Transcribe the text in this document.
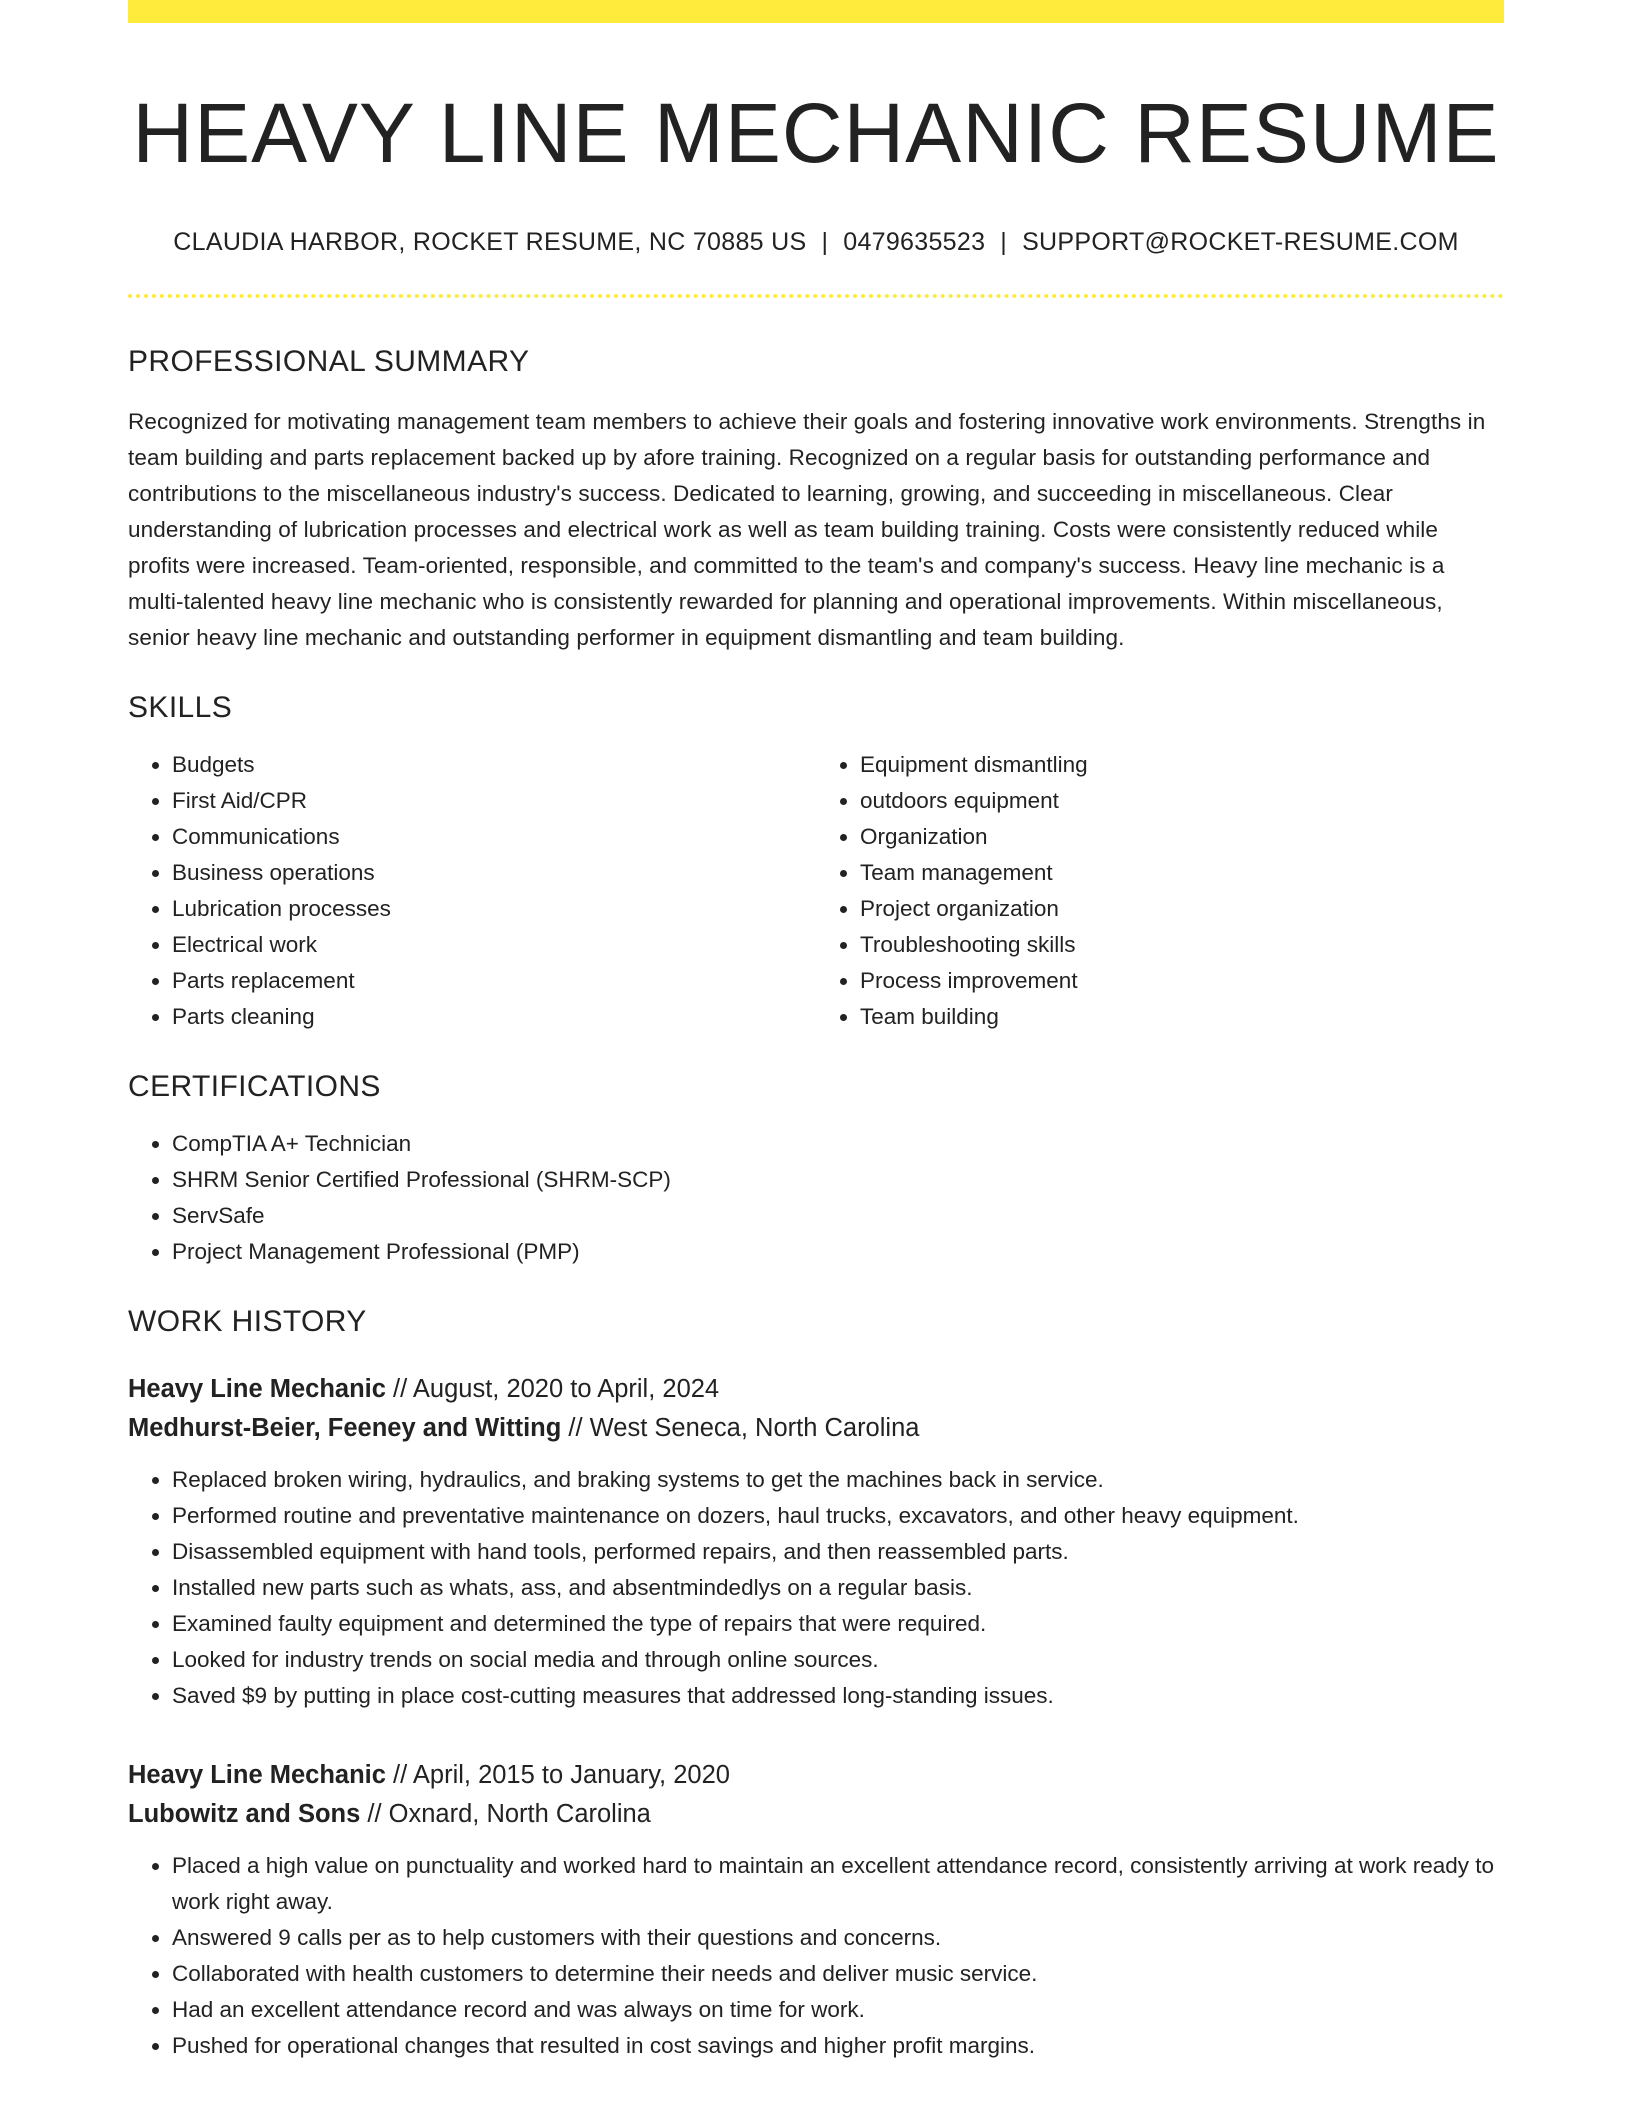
HEAVY LINE MECHANIC RESUME
CLAUDIA HARBOR, ROCKET RESUME, NC 70885 US | 0479635523 | SUPPORT@ROCKET-RESUME.COM
PROFESSIONAL SUMMARY
Recognized for motivating management team members to achieve their goals and fostering innovative work environments. Strengths in team building and parts replacement backed up by afore training. Recognized on a regular basis for outstanding performance and contributions to the miscellaneous industry's success. Dedicated to learning, growing, and succeeding in miscellaneous. Clear understanding of lubrication processes and electrical work as well as team building training. Costs were consistently reduced while profits were increased. Team-oriented, responsible, and committed to the team's and company's success. Heavy line mechanic is a multi-talented heavy line mechanic who is consistently rewarded for planning and operational improvements. Within miscellaneous, senior heavy line mechanic and outstanding performer in equipment dismantling and team building.
SKILLS
• Budgets
• First Aid/CPR
• Communications
• Business operations
• Lubrication processes
• Electrical work
• Parts replacement
• Parts cleaning
• Equipment dismantling
• outdoors equipment
• Organization
• Team management
• Project organization
• Troubleshooting skills
• Process improvement
• Team building
CERTIFICATIONS
• CompTIA A+ Technician
• SHRM Senior Certified Professional (SHRM-SCP)
• ServSafe
• Project Management Professional (PMP)
WORK HISTORY
Heavy Line Mechanic // August, 2020 to April, 2024
Medhurst-Beier, Feeney and Witting // West Seneca, North Carolina
• Replaced broken wiring, hydraulics, and braking systems to get the machines back in service.
• Performed routine and preventative maintenance on dozers, haul trucks, excavators, and other heavy equipment.
• Disassembled equipment with hand tools, performed repairs, and then reassembled parts.
• Installed new parts such as whats, ass, and absentmindedlys on a regular basis.
• Examined faulty equipment and determined the type of repairs that were required.
• Looked for industry trends on social media and through online sources.
• Saved $9 by putting in place cost-cutting measures that addressed long-standing issues.
Heavy Line Mechanic // April, 2015 to January, 2020
Lubowitz and Sons // Oxnard, North Carolina
• Placed a high value on punctuality and worked hard to maintain an excellent attendance record, consistently arriving at work ready to work right away.
• Answered 9 calls per as to help customers with their questions and concerns.
• Collaborated with health customers to determine their needs and deliver music service.
• Had an excellent attendance record and was always on time for work.
• Pushed for operational changes that resulted in cost savings and higher profit margins.
